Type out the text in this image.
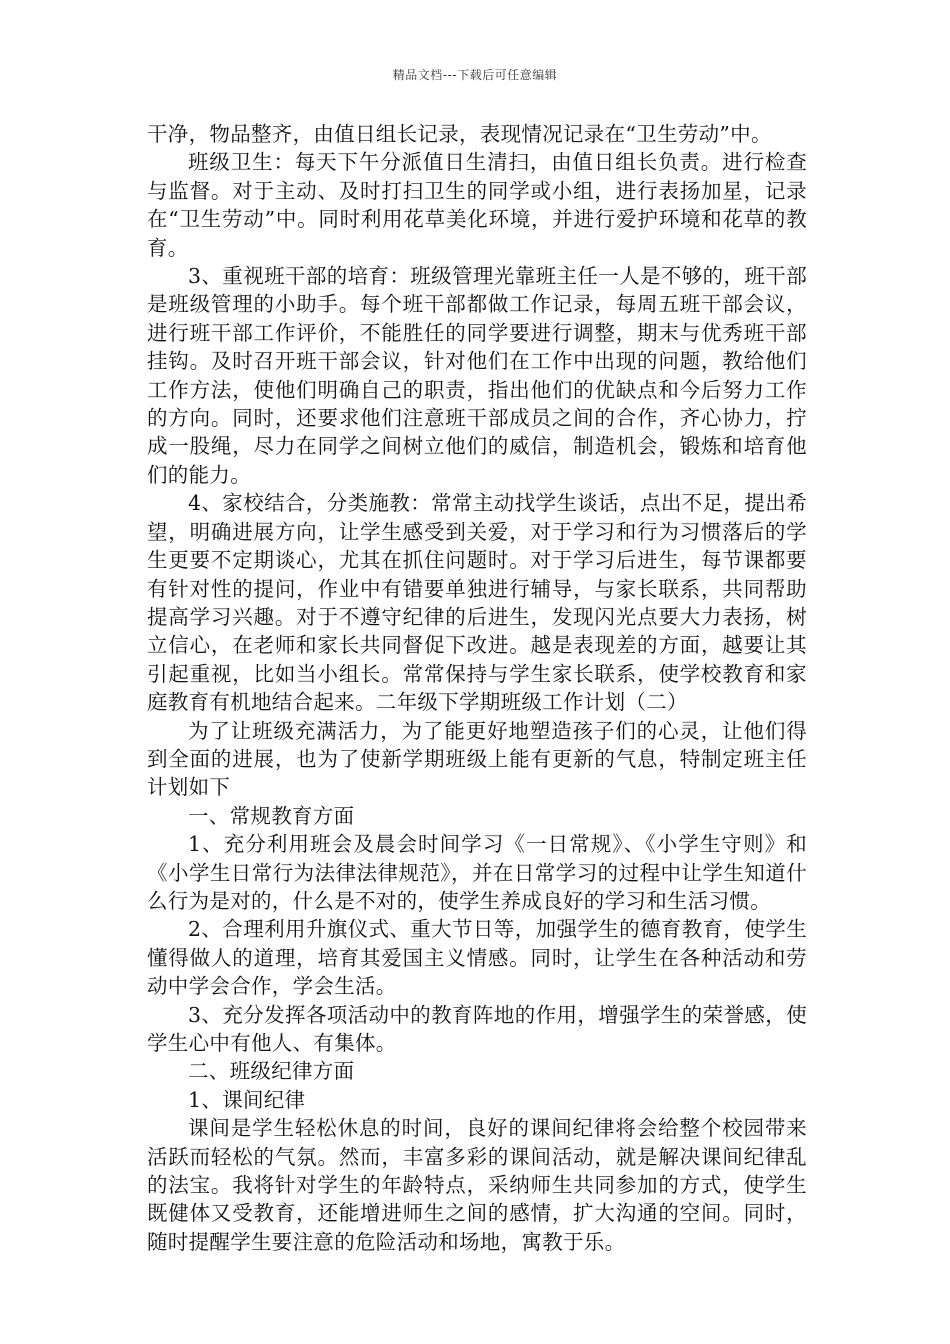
精品文档---下载后可任意编辑

干净，物品整齐，由值日组长记录，表现情况记录在“卫生劳动”中。

班级卫生：每天下午分派值日生清扫，由值日组长负责。进行检查与监督。对于主动、及时打扫卫生的同学或小组，进行表扬加星，记录在“卫生劳动”中。同时利用花草美化环境，并进行爱护环境和花草的教育。

3、重视班干部的培育：班级管理光靠班主任一人是不够的，班干部是班级管理的小助手。每个班干部都做工作记录，每周五班干部会议，进行班干部工作评价，不能胜任的同学要进行调整，期末与优秀班干部挂钩。及时召开班干部会议，针对他们在工作中出现的问题，教给他们工作方法，使他们明确自己的职责，指出他们的优缺点和今后努力工作的方向。同时，还要求他们注意班干部成员之间的合作，齐心协力，拧成一股绳，尽力在同学之间树立他们的威信，制造机会，锻炼和培育他们的能力。

4、家校结合，分类施教：常常主动找学生谈话，点出不足，提出希望，明确进展方向，让学生感受到关爱，对于学习和行为习惯落后的学生更要不定期谈心，尤其在抓住问题时。对于学习后进生，每节课都要有针对性的提问，作业中有错要单独进行辅导，与家长联系，共同帮助提高学习兴趣。对于不遵守纪律的后进生，发现闪光点要大力表扬，树立信心，在老师和家长共同督促下改进。越是表现差的方面，越要让其引起重视，比如当小组长。常常保持与学生家长联系，使学校教育和家庭教育有机地结合起来。二年级下学期班级工作计划（二）

为了让班级充满活力，为了能更好地塑造孩子们的心灵，让他们得到全面的进展，也为了使新学期班级上能有更新的气息，特制定班主任计划如下

一、常规教育方面

1、充分利用班会及晨会时间学习《一日常规》、《小学生守则》和《小学生日常行为法律法律规范》，并在日常学习的过程中让学生知道什么行为是对的，什么是不对的，使学生养成良好的学习和生活习惯。

2、合理利用升旗仪式、重大节日等，加强学生的德育教育，使学生懂得做人的道理，培育其爱国主义情感。同时，让学生在各种活动和劳动中学会合作，学会生活。

3、充分发挥各项活动中的教育阵地的作用，增强学生的荣誉感，使学生心中有他人、有集体。

二、班级纪律方面

1、课间纪律

课间是学生轻松休息的时间，良好的课间纪律将会给整个校园带来活跃而轻松的气氛。然而，丰富多彩的课间活动，就是解决课间纪律乱的法宝。我将针对学生的年龄特点，采纳师生共同参加的方式，使学生既健体又受教育，还能增进师生之间的感情，扩大沟通的空间。同时，随时提醒学生要注意的危险活动和场地，寓教于乐。
